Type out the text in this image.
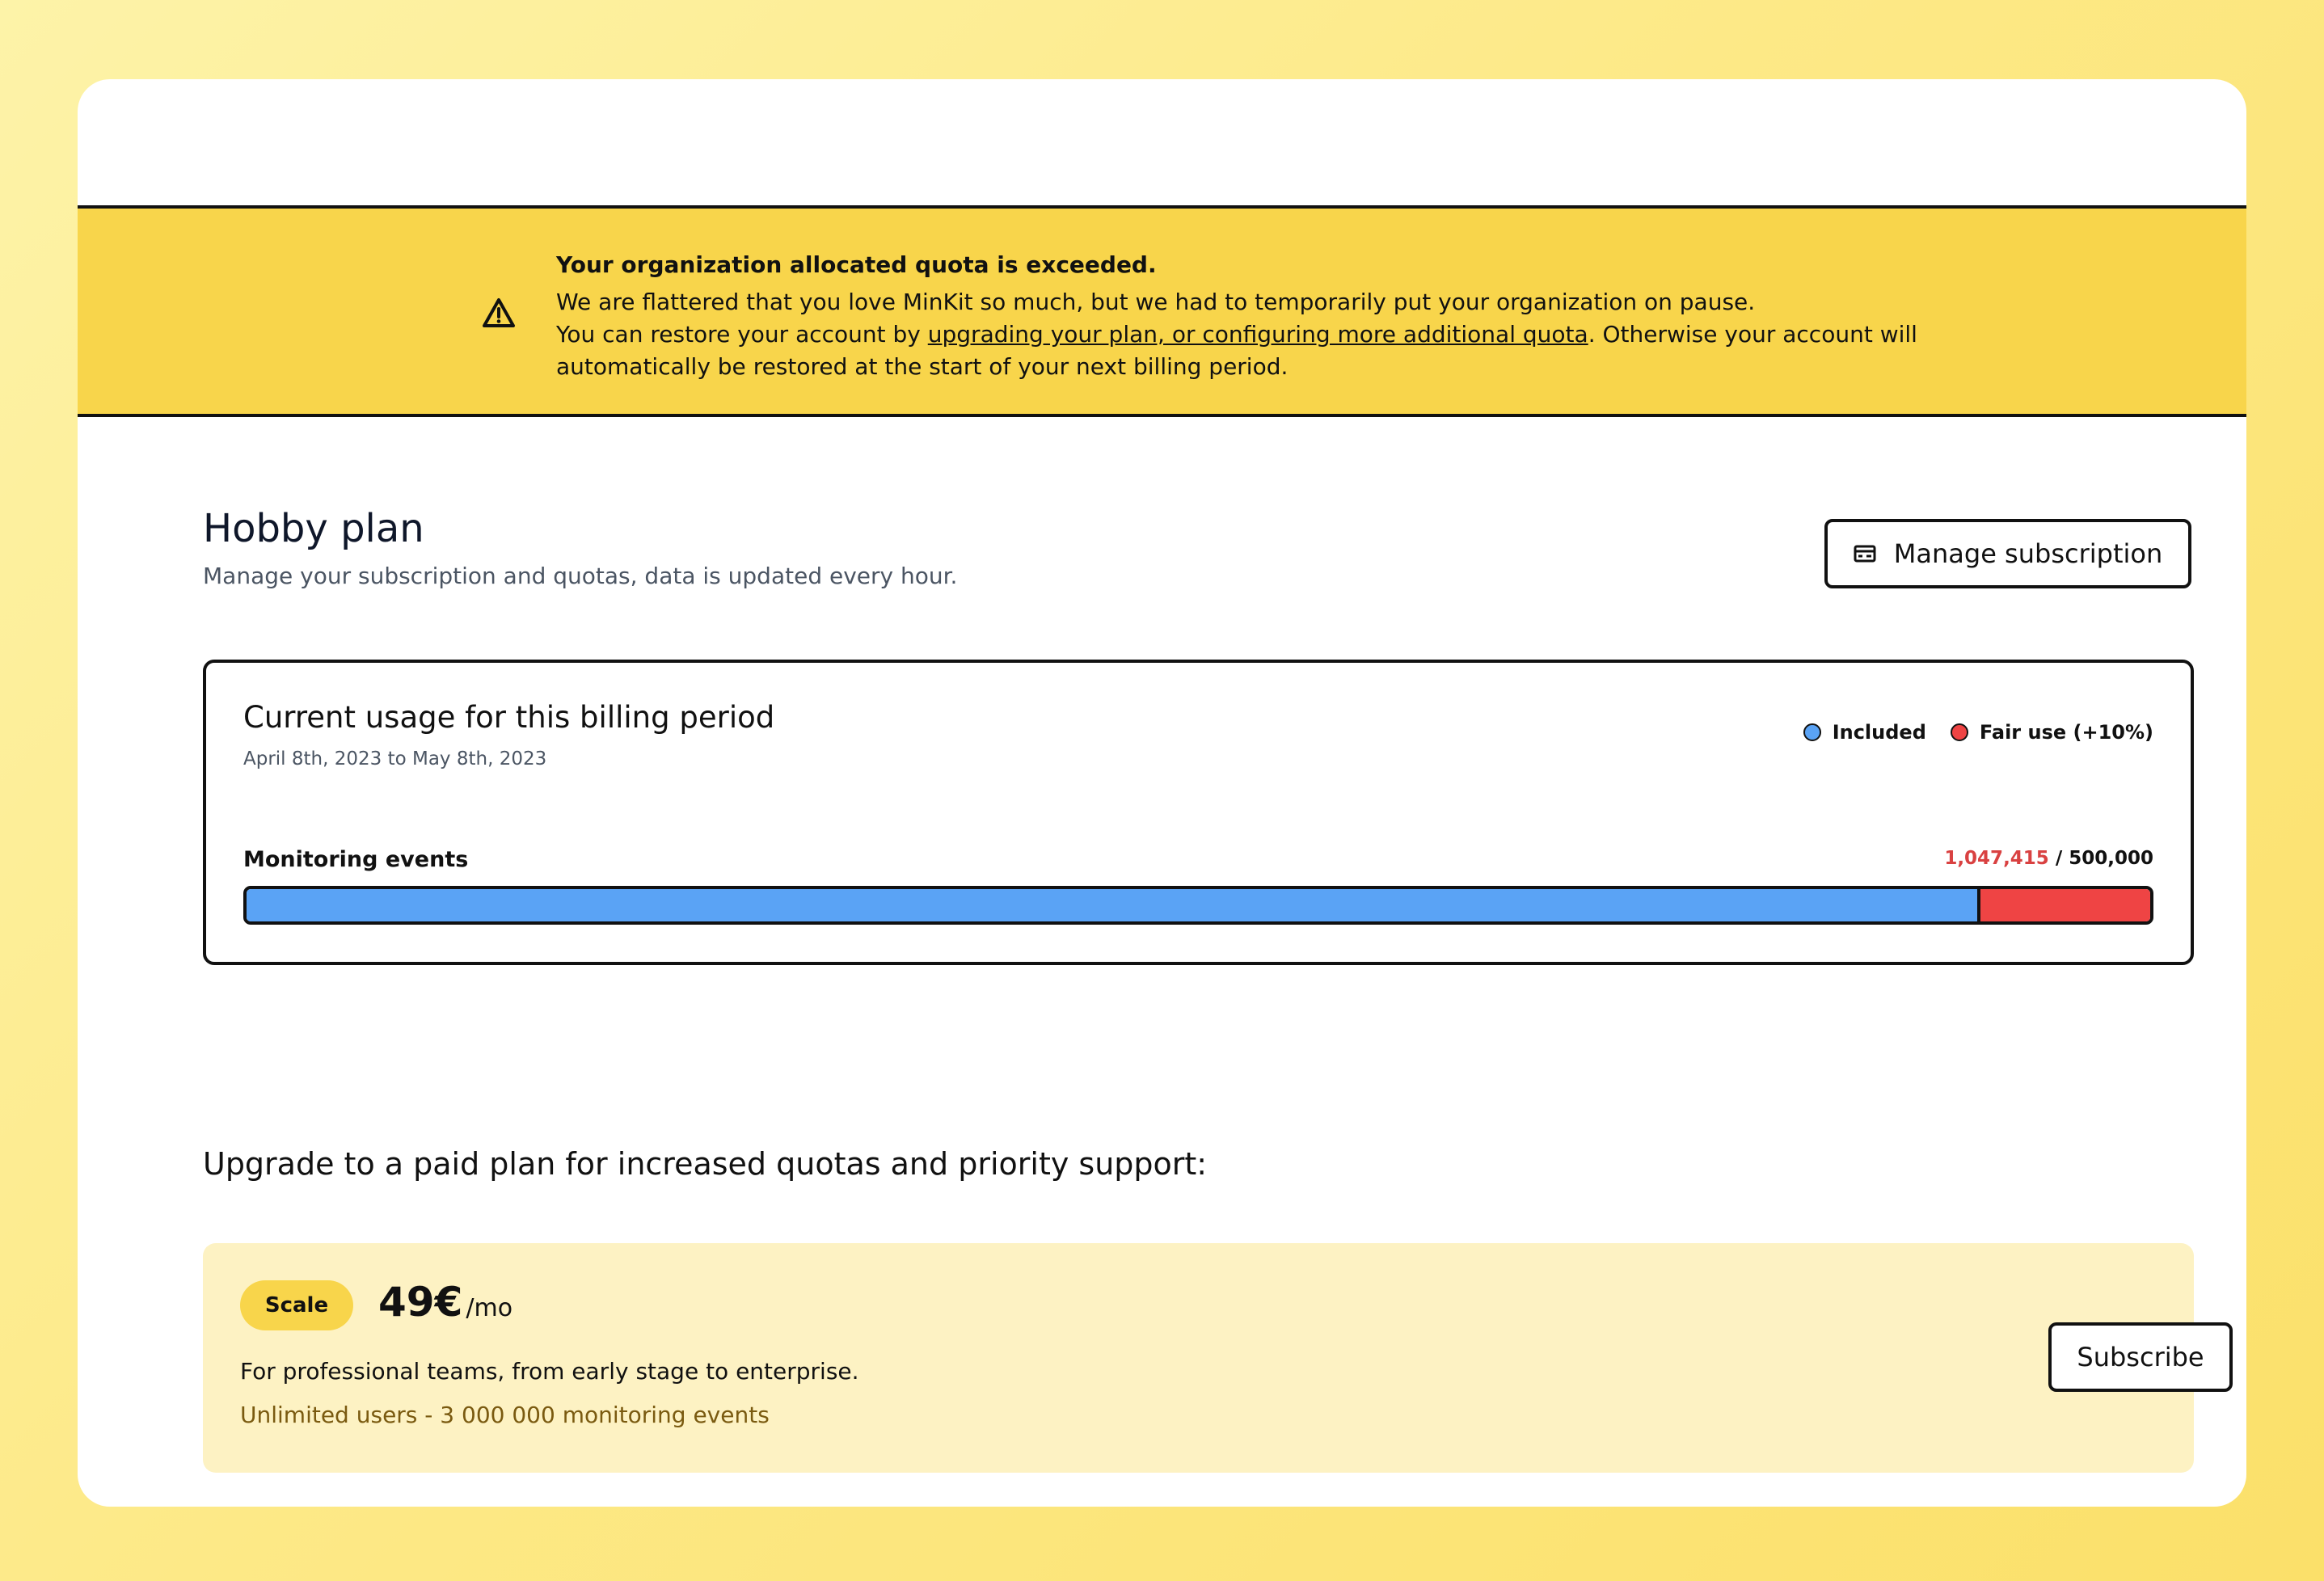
Your organization allocated quota is exceeded.
We are flattered that you love MinKit so much, but we had to temporarily put your organization on pause.
You can restore your account by upgrading your plan, or configuring more additional quota. Otherwise your account will automatically be restored at the start of your next billing period.
Hobby plan
Manage your subscription and quotas, data is updated every hour.
Manage subscription
Current usage for this billing period
April 8th, 2023 to May 8th, 2023
Included	Fair use (+10%)
Monitoring events	1,047,415 / 500,000
Upgrade to a paid plan for increased quotas and priority support:
Scale	49€ /mo
For professional teams, from early stage to enterprise.
Unlimited users - 3 000 000 monitoring events
Subscribe
